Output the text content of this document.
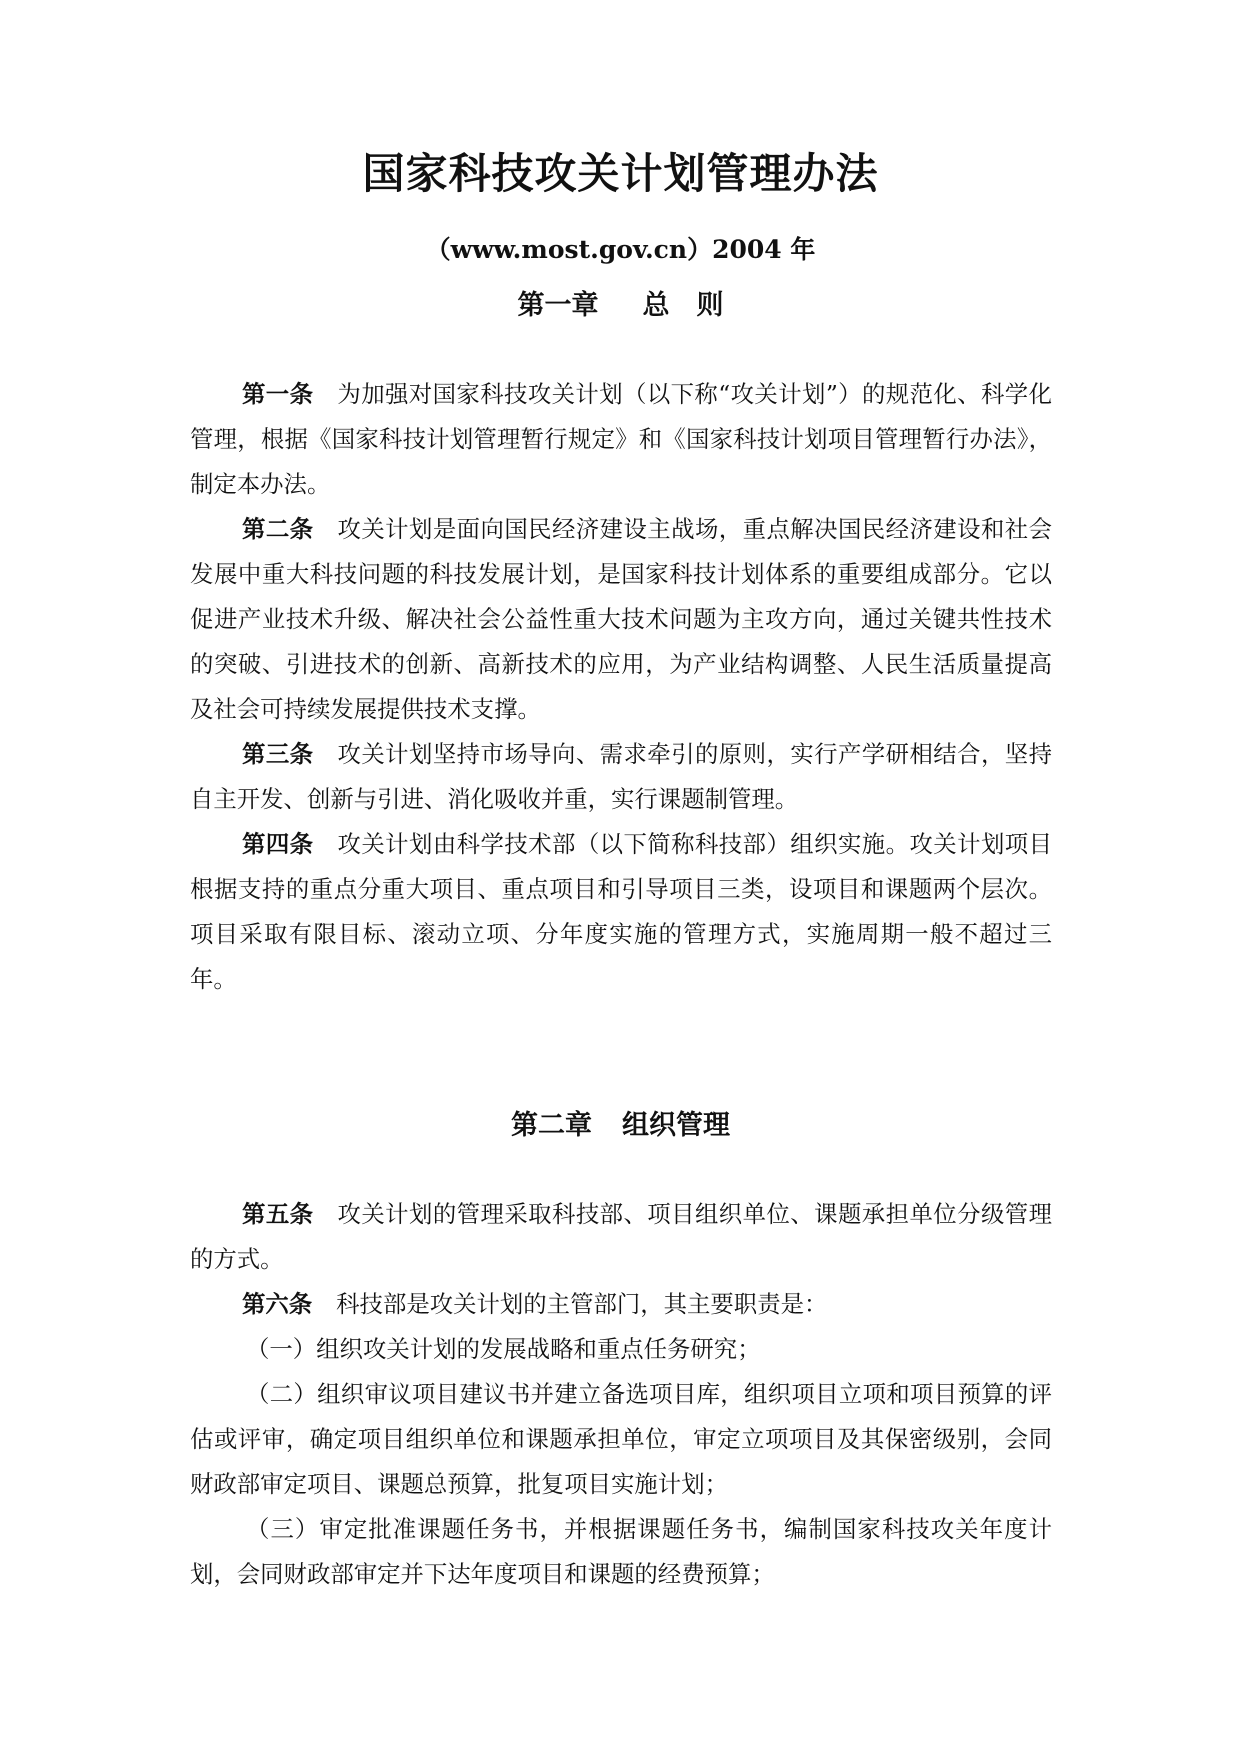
国家科技攻关计划管理办法

（www.most.gov.cn）2004 年

第一章 总　则

第一条 为加强对国家科技攻关计划（以下称“攻关计划”）的规范化、科学化管理，根据《国家科技计划管理暂行规定》和《国家科技计划项目管理暂行办法》，制定本办法。

第二条 攻关计划是面向国民经济建设主战场，重点解决国民经济建设和社会发展中重大科技问题的科技发展计划，是国家科技计划体系的重要组成部分。它以促进产业技术升级、解决社会公益性重大技术问题为主攻方向，通过关键共性技术的突破、引进技术的创新、高新技术的应用，为产业结构调整、人民生活质量提高及社会可持续发展提供技术支撑。

第三条 攻关计划坚持市场导向、需求牵引的原则，实行产学研相结合，坚持自主开发、创新与引进、消化吸收并重，实行课题制管理。

第四条 攻关计划由科学技术部（以下简称科技部）组织实施。攻关计划项目根据支持的重点分重大项目、重点项目和引导项目三类，设项目和课题两个层次。项目采取有限目标、滚动立项、分年度实施的管理方式，实施周期一般不超过三年。

第二章 组织管理

第五条 攻关计划的管理采取科技部、项目组织单位、课题承担单位分级管理的方式。

第六条 科技部是攻关计划的主管部门，其主要职责是：

（一）组织攻关计划的发展战略和重点任务研究；

（二）组织审议项目建议书并建立备选项目库，组织项目立项和项目预算的评估或评审，确定项目组织单位和课题承担单位，审定立项项目及其保密级别，会同财政部审定项目、课题总预算，批复项目实施计划；

（三）审定批准课题任务书，并根据课题任务书，编制国家科技攻关年度计划，会同财政部审定并下达年度项目和课题的经费预算；
